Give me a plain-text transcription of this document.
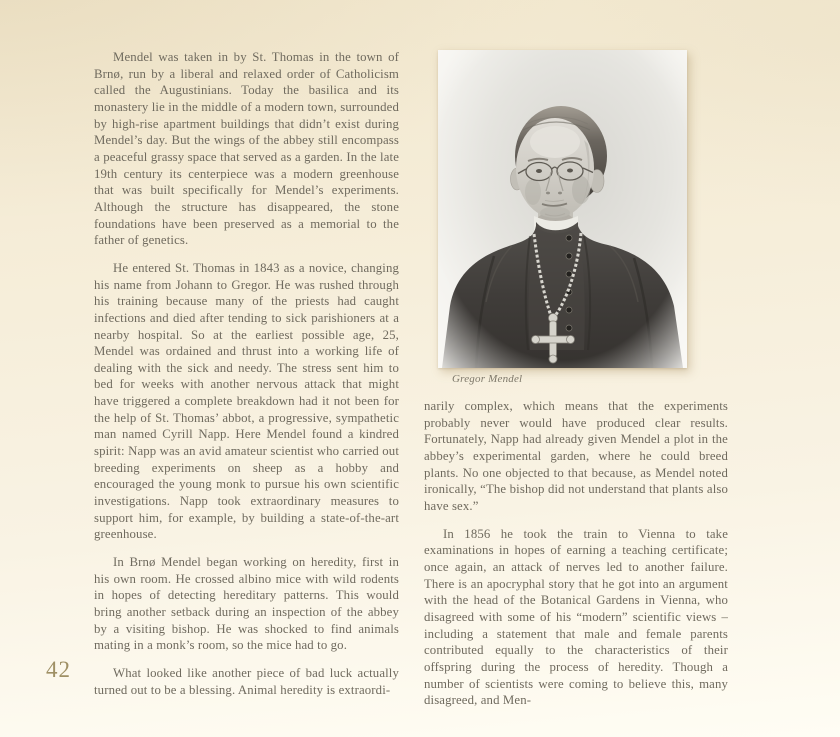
Mendel was taken in by St. Thomas in the town of Brnø, run by a liberal and relaxed order of Catholicism called the Augustinians. Today the basilica and its monastery lie in the middle of a modern town, surrounded by high-rise apartment buildings that didn’t exist during Mendel’s day. But the wings of the abbey still encompass a peaceful grassy space that served as a garden. In the late 19th century its centerpiece was a modern greenhouse that was built specifically for Mendel’s experiments. Although the structure has disappeared, the stone foundations have been preserved as a memorial to the father of genetics.

He entered St. Thomas in 1843 as a novice, changing his name from Johann to Gregor. He was rushed through his training because many of the priests had caught infections and died after tending to sick parishioners at a nearby hospital. So at the earliest possible age, 25, Mendel was ordained and thrust into a working life of dealing with the sick and needy. The stress sent him to bed for weeks with another nervous attack that might have triggered a complete breakdown had it not been for the help of St. Thomas’ abbot, a progressive, sympathetic man named Cyrill Napp. Here Mendel found a kindred spirit: Napp was an avid amateur scientist who carried out breeding experiments on sheep as a hobby and encouraged the young monk to pursue his own scientific investigations. Napp took extraordinary measures to support him, for example, by building a state-of-the-art greenhouse.

In Brnø Mendel began working on heredity, first in his own room. He crossed albino mice with wild rodents in hopes of detecting hereditary patterns. This would bring another setback during an inspection of the abbey by a visiting bishop. He was shocked to find animals mating in a monk’s room, so the mice had to go.

What looked like another piece of bad luck actually turned out to be a blessing. Animal heredity is extraordi-

Gregor Mendel

narily complex, which means that the experiments probably never would have produced clear results. Fortunately, Napp had already given Mendel a plot in the abbey’s experimental garden, where he could breed plants. No one objected to that because, as Mendel noted ironically, “The bishop did not understand that plants also have sex.”

In 1856 he took the train to Vienna to take examinations in hopes of earning a teaching certificate; once again, an attack of nerves led to another failure. There is an apocryphal story that he got into an argument with the head of the Botanical Gardens in Vienna, who disagreed with some of his “modern” scientific views – including a statement that male and female parents contributed equally to the characteristics of their offspring during the process of heredity. Though a number of scientists were coming to believe this, many disagreed, and Men-

42
